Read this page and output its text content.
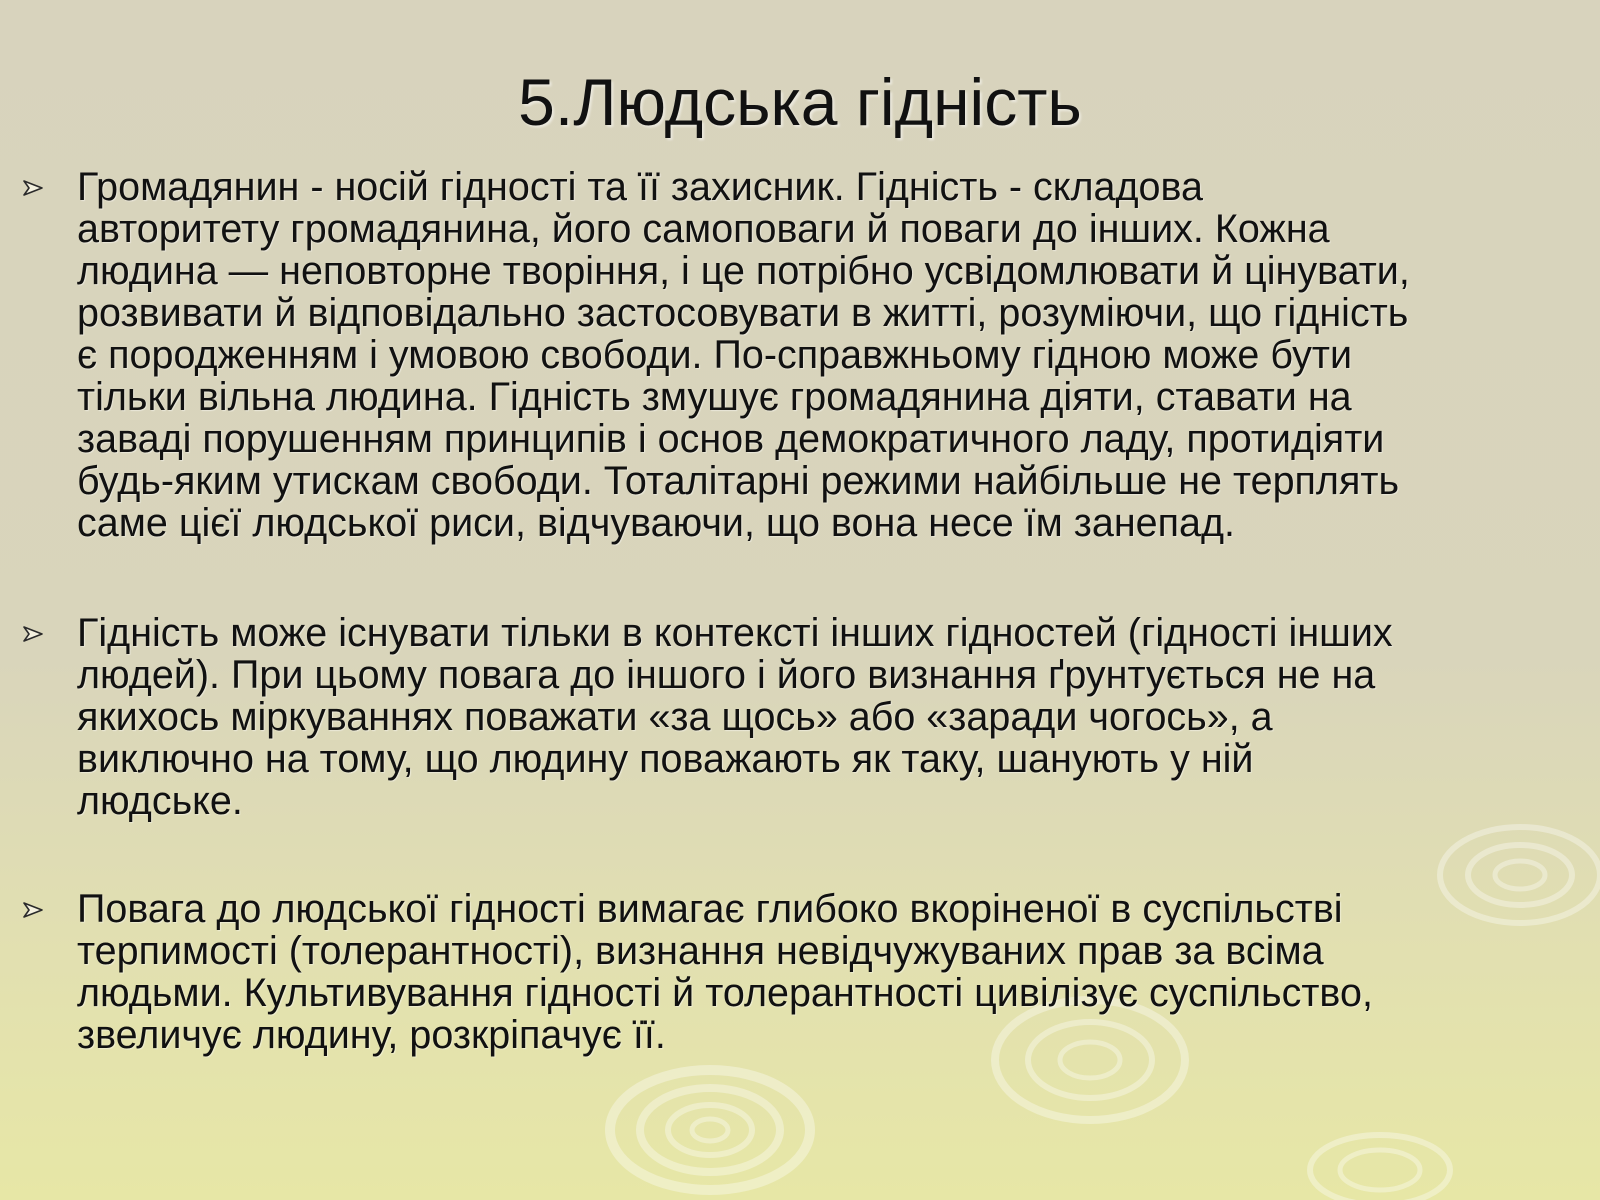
5.Людська гідність

Громадянин - носій гідності та її захисник. Гідність - складова
авторитету громадянина, його самоповаги й поваги до інших. Кожна
людина — неповторне творіння, і це потрібно усвідомлювати й цінувати,
розвивати й відповідально застосовувати в житті, розуміючи, що гідність
є породженням і умовою свободи. По-справжньому гідною може бути
тільки вільна людина. Гідність змушує громадянина діяти, ставати на
заваді порушенням принципів і основ демократичного ладу, протидіяти
будь-яким утискам свободи. Тоталітарні режими найбільше не терплять
саме цієї людської риси, відчуваючи, що вона несе їм занепад.

Гідність може існувати тільки в контексті інших гідностей (гідності інших
людей). При цьому повага до іншого і його визнання ґрунтується не на
якихось міркуваннях поважати «за щось» або «заради чогось», а
виключно на тому, що людину поважають як таку, шанують у ній
людське.

Повага до людської гідності вимагає глибоко вкоріненої в суспільстві
терпимості (толерантності), визнання невідчужуваних прав за всіма
людьми. Культивування гідності й толерантності цивілізує суспільство,
звеличує людину, розкріпачує її.
